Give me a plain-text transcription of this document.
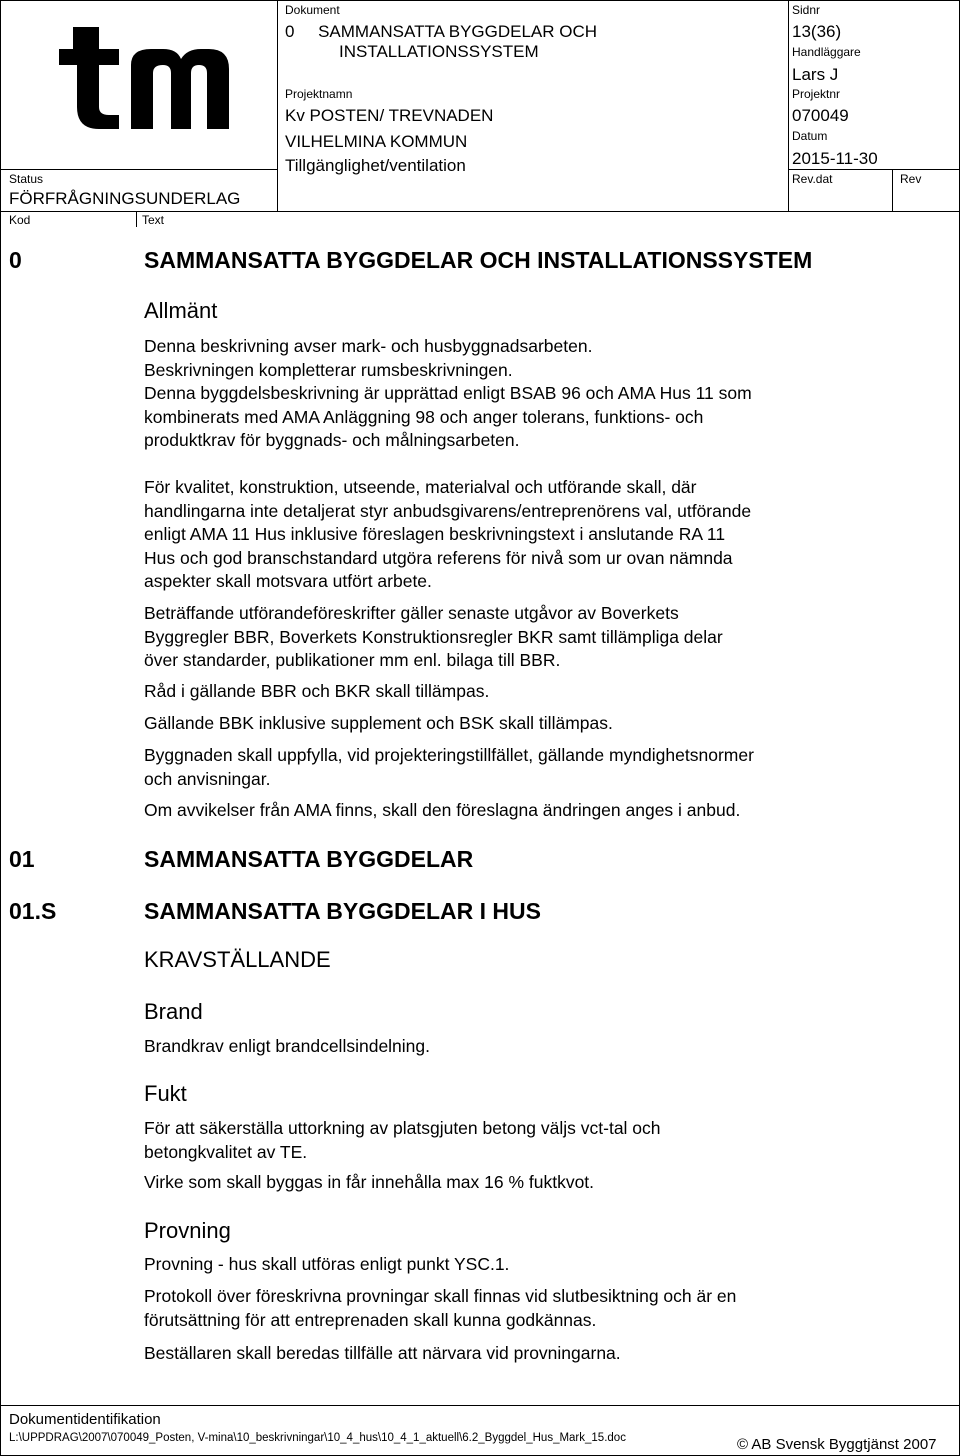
Status
FÖRFRÅGNINGSUNDERLAG
Kod	Text
Dokument
0     SAMMANSATTA BYGGDELAR OCH
INSTALLATIONSSYSTEM
Projektnamn
Kv POSTEN/ TREVNADEN
VILHELMINA KOMMUN
Tillgänglighet/ventilation
Sidnr
13(36)
Handläggare
Lars J
Projektnr
070049
Datum
2015-11-30
Rev.dat	Rev
0	SAMMANSATTA BYGGDELAR OCH INSTALLATIONSSYSTEM
Allmänt
Denna beskrivning avser mark- och husbyggnadsarbeten.
Beskrivningen kompletterar rumsbeskrivningen.
Denna byggdelsbeskrivning är upprättad enligt BSAB 96 och AMA Hus 11 som
kombinerats med AMA Anläggning 98 och anger tolerans, funktions- och
produktkrav för byggnads- och målningsarbeten.
För kvalitet, konstruktion, utseende, materialval och utförande skall, där
handlingarna inte detaljerat styr anbudsgivarens/entreprenörens val, utförande
enligt AMA 11 Hus inklusive föreslagen beskrivningstext i anslutande RA 11
Hus och god branschstandard utgöra referens för nivå som ur ovan nämnda
aspekter skall motsvara utfört arbete.
Beträffande utförandeföreskrifter gäller senaste utgåvor av Boverkets
Byggregler BBR, Boverkets Konstruktionsregler BKR samt tillämpliga delar
över standarder, publikationer mm enl. bilaga till BBR.
Råd i gällande BBR och BKR skall tillämpas.
Gällande BBK inklusive supplement och BSK skall tillämpas.
Byggnaden skall uppfylla, vid projekteringstillfället, gällande myndighetsnormer
och anvisningar.
Om avvikelser från AMA finns, skall den föreslagna ändringen anges i anbud.
01	SAMMANSATTA BYGGDELAR
01.S	SAMMANSATTA BYGGDELAR I HUS
KRAVSTÄLLANDE
Brand
Brandkrav enligt brandcellsindelning.
Fukt
För att säkerställa uttorkning av platsgjuten betong väljs vct-tal och
betongkvalitet av TE.
Virke som skall byggas in får innehålla max 16 % fuktkvot.
Provning
Provning - hus skall utföras enligt punkt YSC.1.
Protokoll över föreskrivna provningar skall finnas vid slutbesiktning och är en
förutsättning för att entreprenaden skall kunna godkännas.
Beställaren skall beredas tillfälle att närvara vid provningarna.
Dokumentidentifikation
L:\UPPDRAG\2007\070049_Posten, V-mina\10_beskrivningar\10_4_hus\10_4_1_aktuell\6.2_Byggdel_Hus_Mark_15.doc	© AB Svensk Byggtjänst 2007
